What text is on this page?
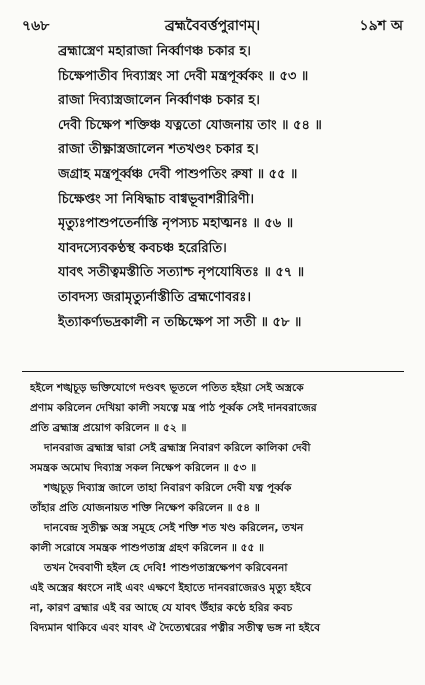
৭৬৮	ব্রহ্মবৈবর্ত্তপুরাণম্।	১৯শ অ
ব্রহ্মাস্ত্রেণ মহারাজা নির্ব্বাণঞ্চ চকার হ।
চিক্ষেপাতীব দিব্যাস্ত্রং সা দেবী মন্ত্রপূর্ব্বকং ॥ ৫৩ ॥
রাজা দিব্যাস্ত্রজালেন নির্ব্বাণঞ্চ চকার হ।
দেবী চিক্ষেপ শক্তিঞ্চ যত্নতো যোজনায় তাং ॥ ৫৪ ॥
রাজা তীক্ষ্ণাস্ত্রজালেন শতখণ্ডং চকার হ।
জগ্রাহ মন্ত্রপূর্ব্বঞ্চ দেবী পাশুপতিং রুষা ॥ ৫৫ ॥
চিক্ষেপ্তং সা নিষিদ্ধাচ বাগ্বভূবাশরীরিণী।
মৃত্যুঃপাশুপতের্নাস্তি নৃপস্যচ মহাত্মনঃ ॥ ৫৬ ॥
যাবদস্যেবকণ্ঠস্থ কবচঞ্চ হরেরিতি।
যাবৎ সতীত্বমস্তীতি সত্যাশ্চ নৃপযোষিতঃ ॥ ৫৭ ॥
তাবদস্য জরামৃত্যুর্নাস্তীতি ব্রহ্মণোবরঃ।
ইত্যাকর্ণ্যভদ্রকালী ন তচ্চিক্ষেপ সা সতী ॥ ৫৮ ॥
হইলে শঙ্খচূড় ভক্তিযোগে দণ্ডবৎ ভূতলে পতিত হইয়া সেই অস্ত্রকে
প্রণাম করিলেন দেখিয়া কালী সযত্নে মন্ত্র পাঠ পূর্ব্বক সেই দানবরাজের
প্রতি ব্রহ্মাস্ত্র প্রয়োগ করিলেন ॥ ৫২ ॥
দানবরাজ ব্রহ্মাস্ত্র দ্বারা সেই ব্রহ্মাস্ত্র নিবারণ করিলে কালিকা দেবী
সমন্ত্রক অমোঘ দিব্যাস্ত্র সকল নিক্ষেপ করিলেন ॥ ৫৩ ॥
শঙ্খচূড় দিব্যাস্ত্র জালে তাহা নিবারণ করিলে দেবী যত্ন পূর্ব্বক
তাঁহার প্রতি যোজনায়ত শক্তি নিক্ষেপ করিলেন ॥ ৫৪ ॥
দানবেন্দ্র সুতীক্ষ্ণ অস্ত্র সমূহে সেই শক্তি শত খণ্ড করিলেন, তখন
কালী সরোষে সমন্ত্রক পাশুপতাস্ত্র গ্রহণ করিলেন ॥ ৫৫ ॥
তখন দৈববাণী হইল হে দেবি! পাশুপতাস্ত্রক্ষেপণ করিবেননা
এই অস্ত্রের ধ্বংসে নাই এবং এক্ষণে ইহাতে দানবরাজেরও মৃত্যু হইবে
না, কারণ ব্রহ্মার এই বর আছে যে যাবৎ উঁহার কণ্ঠে হরির কবচ
বিদ্যমান থাকিবে এবং যাবৎ ঐ দৈত্যেশ্বরের পত্নীর সতীত্ব ভঙ্গ না হইবে
